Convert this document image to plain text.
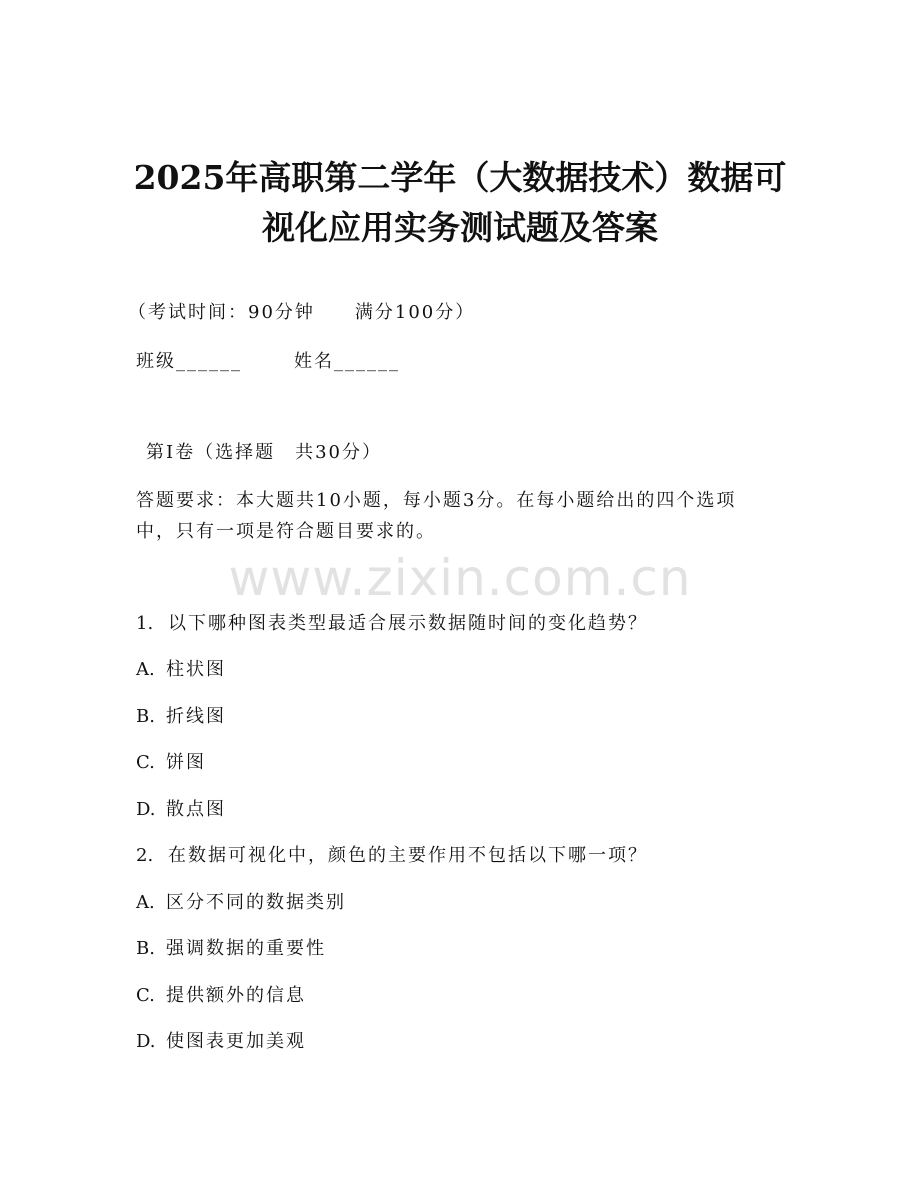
2025年高职第二学年（大数据技术）数据可
视化应用实务测试题及答案
（考试时间：90分钟　　满分100分）
班级______	姓名______
第I卷（选择题　共30分）
答题要求：本大题共10小题，每小题3分。在每小题给出的四个选项
中，只有一项是符合题目要求的。
www.zixin.com.cn
1. 以下哪种图表类型最适合展示数据随时间的变化趋势？
A. 柱状图
B. 折线图
C. 饼图
D. 散点图
2. 在数据可视化中，颜色的主要作用不包括以下哪一项？
A. 区分不同的数据类别
B. 强调数据的重要性
C. 提供额外的信息
D. 使图表更加美观
